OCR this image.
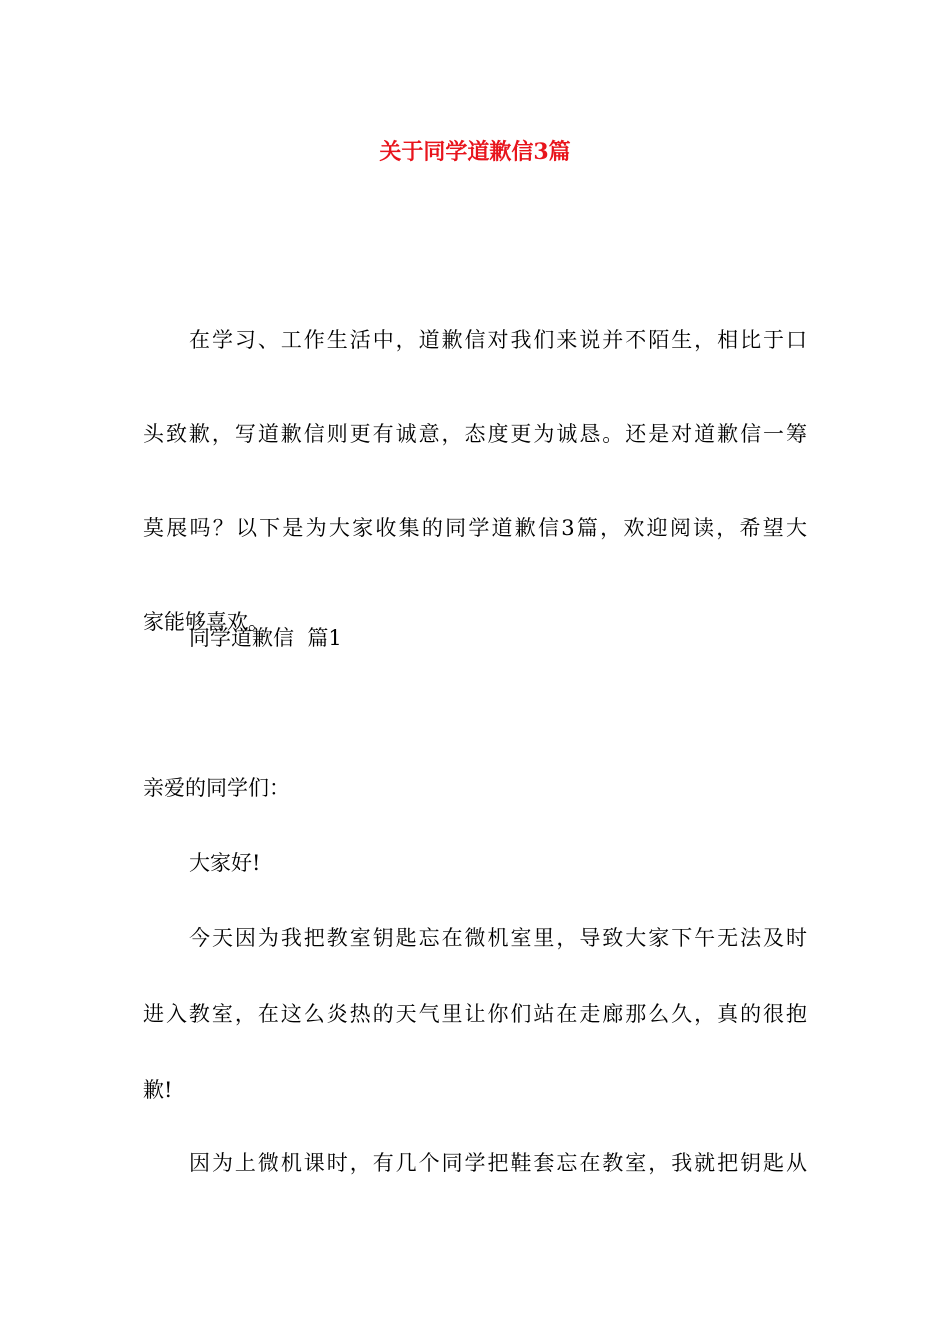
关于同学道歉信3篇
在学习、工作生活中，道歉信对我们来说并不陌生，相比于口
头致歉，写道歉信则更有诚意，态度更为诚恳。还是对道歉信一筹
莫展吗？以下是为大家收集的同学道歉信3篇，欢迎阅读，希望大
家能够喜欢。
同学道歉信  篇1
亲爱的同学们：
大家好!
今天因为我把教室钥匙忘在微机室里，导致大家下午无法及时
进入教室，在这么炎热的天气里让你们站在走廊那么久，真的很抱
歉!
因为上微机课时，有几个同学把鞋套忘在教室，我就把钥匙从
